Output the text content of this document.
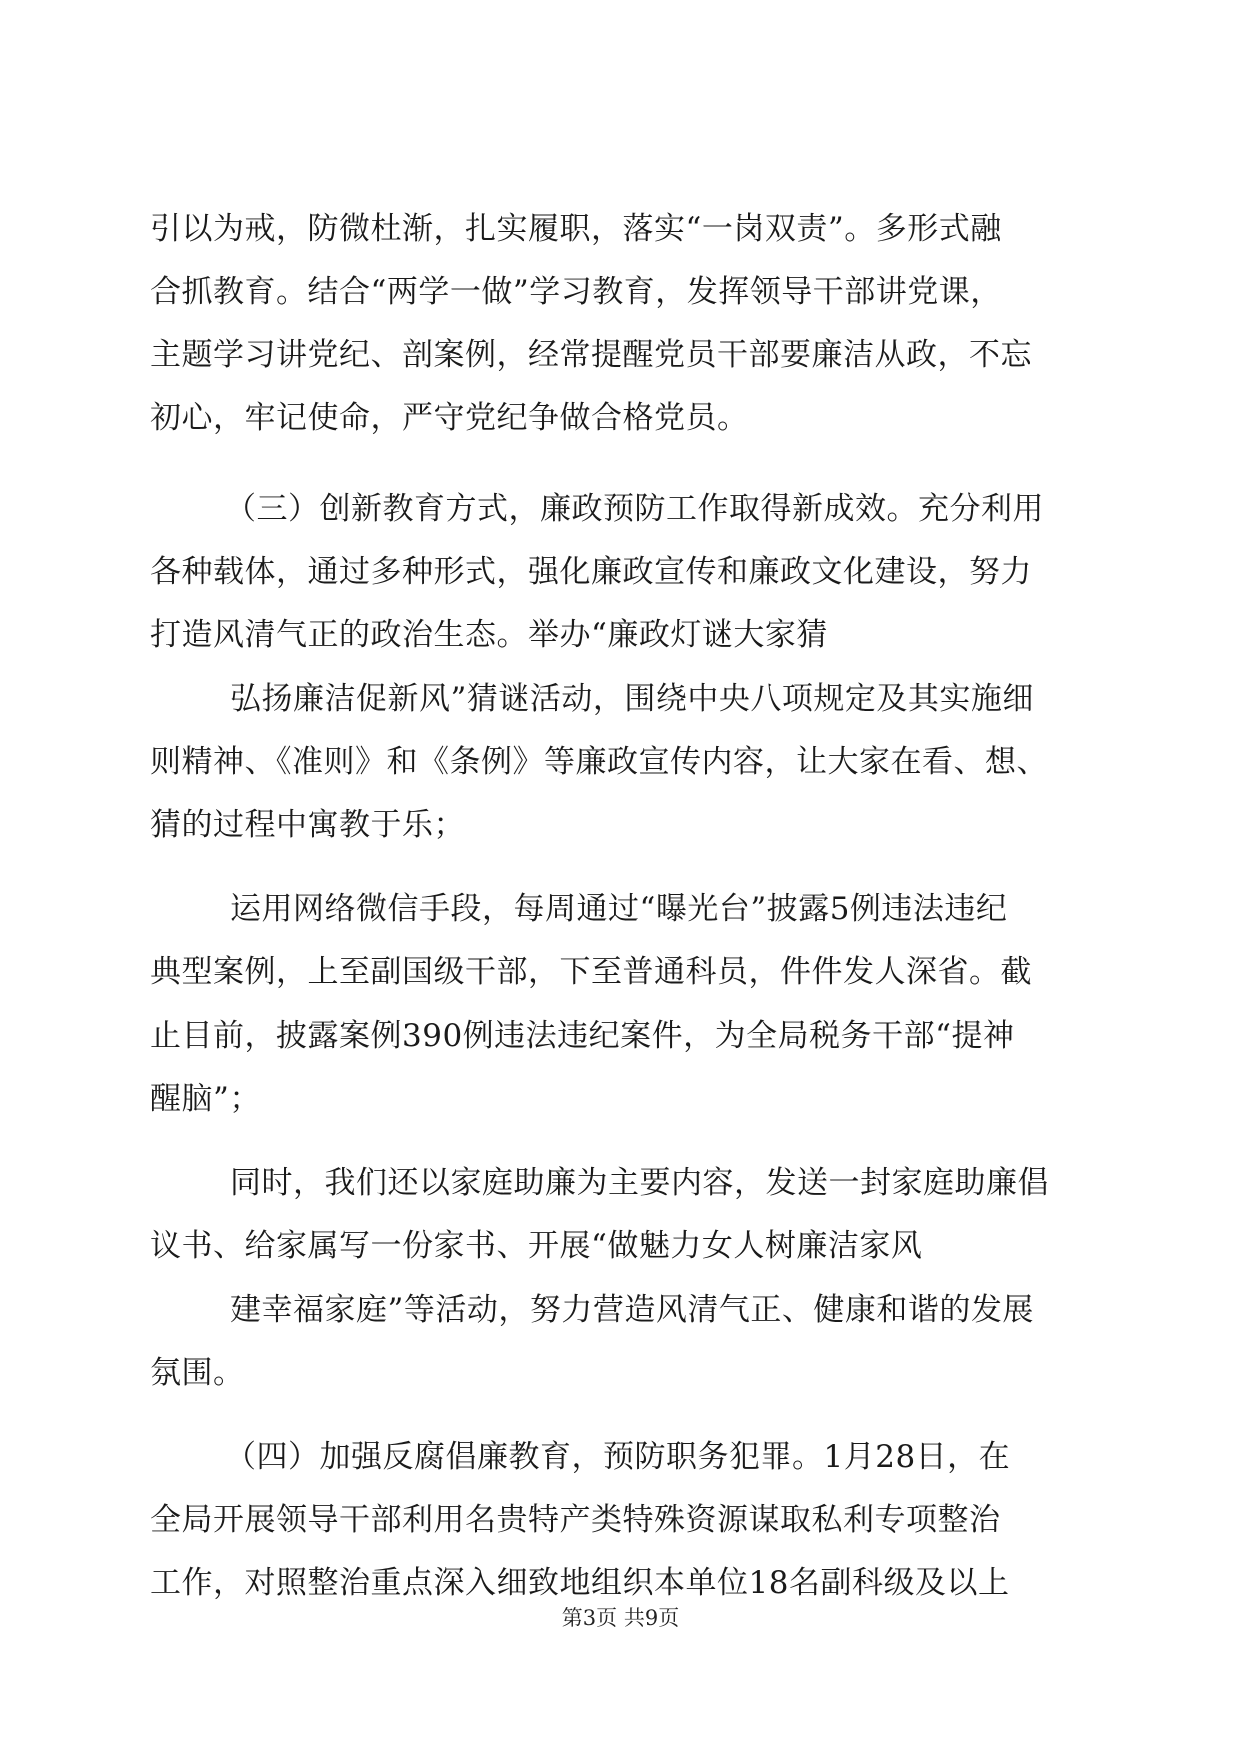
引以为戒，防微杜渐，扎实履职，落实“一岗双责”。多形式融
合抓教育。结合“两学一做”学习教育，发挥领导干部讲党课，
主题学习讲党纪、剖案例，经常提醒党员干部要廉洁从政，不忘
初心，牢记使命，严守党纪争做合格党员。
（三）创新教育方式，廉政预防工作取得新成效。充分利用
各种载体，通过多种形式，强化廉政宣传和廉政文化建设，努力
打造风清气正的政治生态。举办“廉政灯谜大家猜
弘扬廉洁促新风”猜谜活动，围绕中央八项规定及其实施细
则精神、《准则》和《条例》等廉政宣传内容，让大家在看、想、
猜的过程中寓教于乐；
运用网络微信手段，每周通过“曝光台”披露5例违法违纪
典型案例，上至副国级干部，下至普通科员，件件发人深省。截
止目前，披露案例390例违法违纪案件，为全局税务干部“提神
醒脑”；
同时，我们还以家庭助廉为主要内容，发送一封家庭助廉倡
议书、给家属写一份家书、开展“做魅力女人树廉洁家风
建幸福家庭”等活动，努力营造风清气正、健康和谐的发展
氛围。
（四）加强反腐倡廉教育，预防职务犯罪。1月28日，在
全局开展领导干部利用名贵特产类特殊资源谋取私利专项整治
工作，对照整治重点深入细致地组织本单位18名副科级及以上
第3页 共9页
